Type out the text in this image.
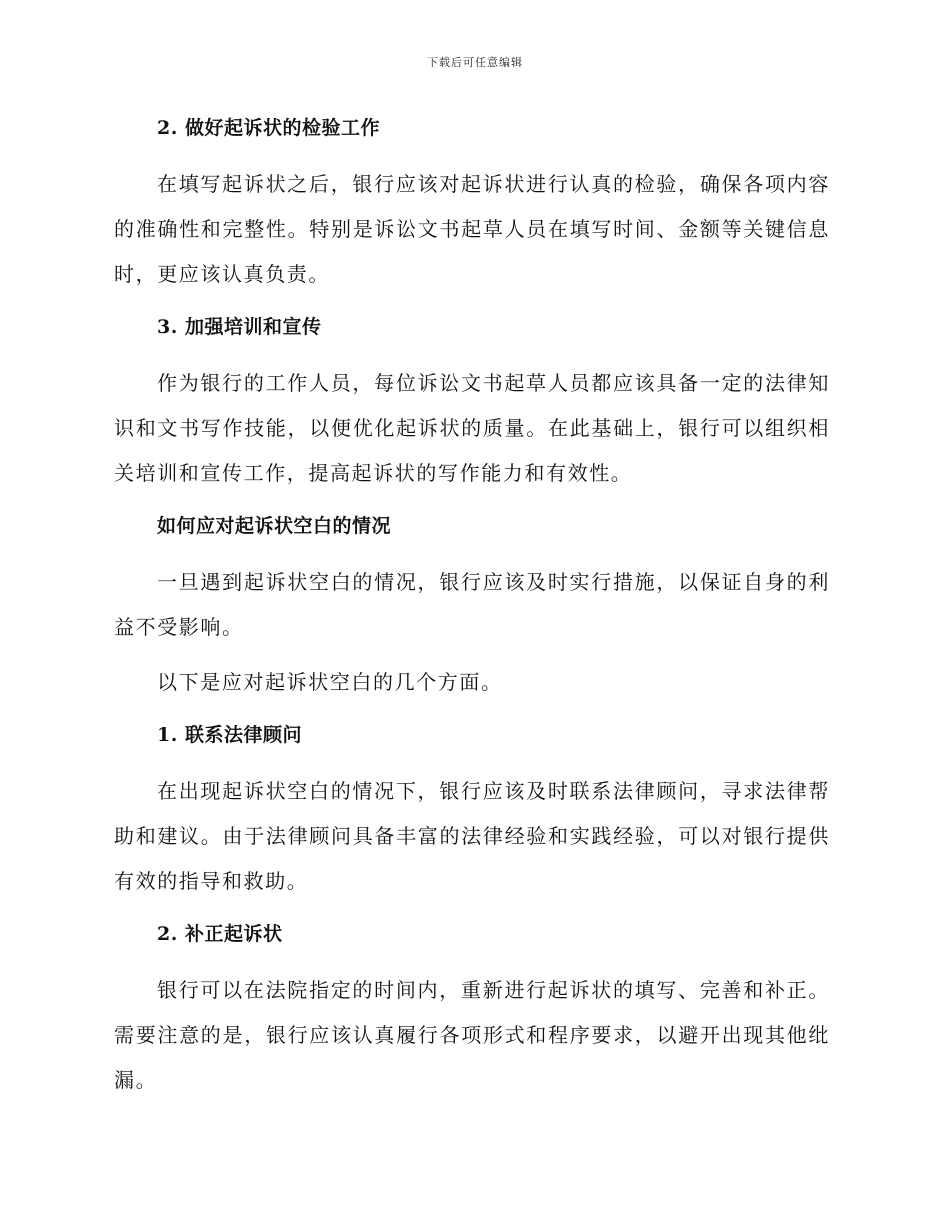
下载后可任意编辑
2. 做好起诉状的检验工作

在填写起诉状之后，银行应该对起诉状进行认真的检验，确保各项内容的准确性和完整性。特别是诉讼文书起草人员在填写时间、金额等关键信息时，更应该认真负责。

3. 加强培训和宣传

作为银行的工作人员，每位诉讼文书起草人员都应该具备一定的法律知识和文书写作技能，以便优化起诉状的质量。在此基础上，银行可以组织相关培训和宣传工作，提高起诉状的写作能力和有效性。

如何应对起诉状空白的情况

一旦遇到起诉状空白的情况，银行应该及时实行措施，以保证自身的利益不受影响。

以下是应对起诉状空白的几个方面。

1. 联系法律顾问

在出现起诉状空白的情况下，银行应该及时联系法律顾问，寻求法律帮助和建议。由于法律顾问具备丰富的法律经验和实践经验，可以对银行提供有效的指导和救助。

2. 补正起诉状

银行可以在法院指定的时间内，重新进行起诉状的填写、完善和补正。需要注意的是，银行应该认真履行各项形式和程序要求，以避开出现其他纰漏。
